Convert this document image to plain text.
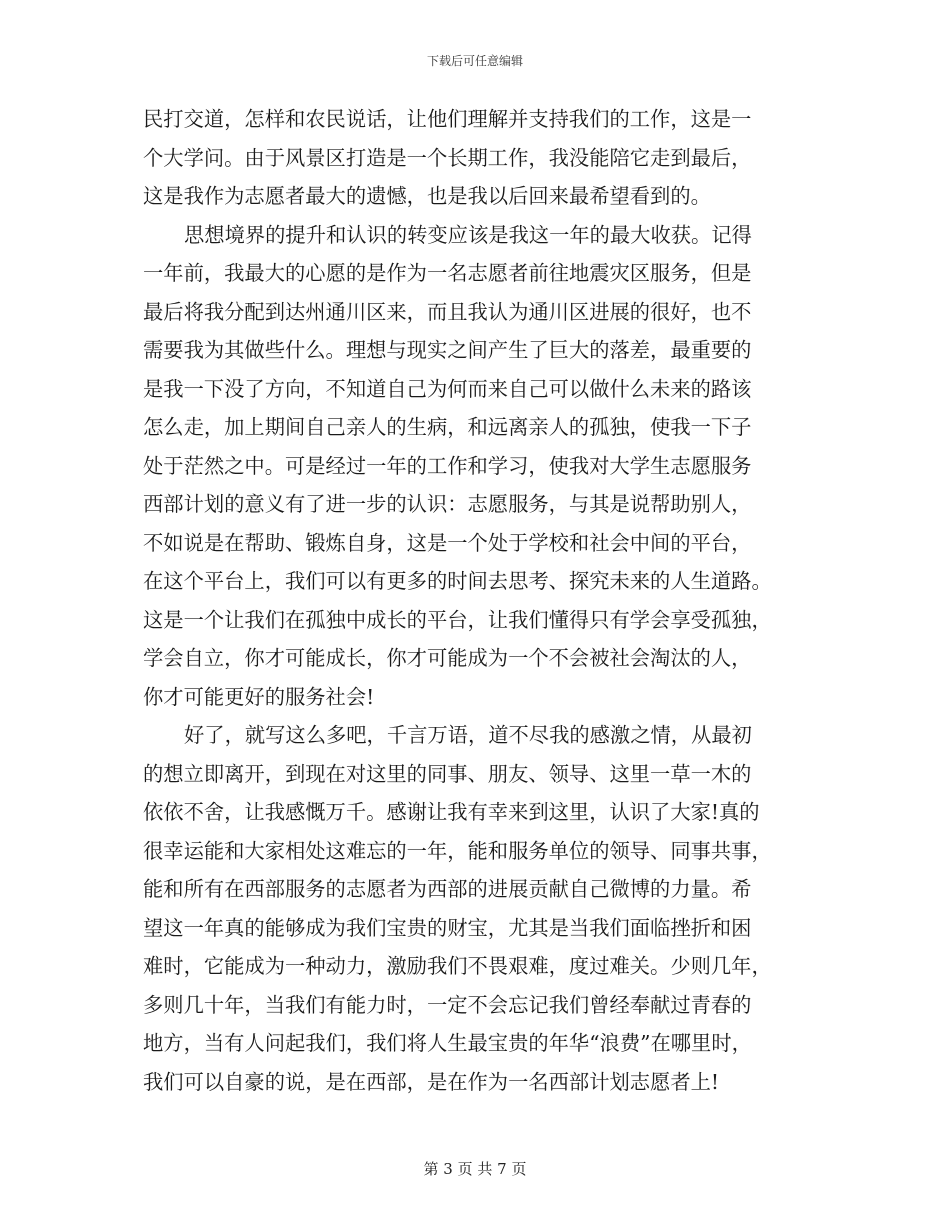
下载后可任意编辑
民打交道，怎样和农民说话，让他们理解并支持我们的工作，这是一
个大学问。由于风景区打造是一个长期工作，我没能陪它走到最后，
这是我作为志愿者最大的遗憾，也是我以后回来最希望看到的。
思想境界的提升和认识的转变应该是我这一年的最大收获。记得
一年前，我最大的心愿的是作为一名志愿者前往地震灾区服务，但是
最后将我分配到达州通川区来，而且我认为通川区进展的很好，也不
需要我为其做些什么。理想与现实之间产生了巨大的落差，最重要的
是我一下没了方向，不知道自己为何而来自己可以做什么未来的路该
怎么走，加上期间自己亲人的生病，和远离亲人的孤独，使我一下子
处于茫然之中。可是经过一年的工作和学习，使我对大学生志愿服务
西部计划的意义有了进一步的认识：志愿服务，与其是说帮助别人，
不如说是在帮助、锻炼自身，这是一个处于学校和社会中间的平台，
在这个平台上，我们可以有更多的时间去思考、探究未来的人生道路。
这是一个让我们在孤独中成长的平台，让我们懂得只有学会享受孤独，
学会自立，你才可能成长，你才可能成为一个不会被社会淘汰的人，
你才可能更好的服务社会!
好了，就写这么多吧，千言万语，道不尽我的感激之情，从最初
的想立即离开，到现在对这里的同事、朋友、领导、这里一草一木的
依依不舍，让我感慨万千。感谢让我有幸来到这里，认识了大家!真的
很幸运能和大家相处这难忘的一年，能和服务单位的领导、同事共事，
能和所有在西部服务的志愿者为西部的进展贡献自己微博的力量。希
望这一年真的能够成为我们宝贵的财宝，尤其是当我们面临挫折和困
难时，它能成为一种动力，激励我们不畏艰难，度过难关。少则几年，
多则几十年，当我们有能力时，一定不会忘记我们曾经奉献过青春的
地方，当有人问起我们，我们将人生最宝贵的年华“浪费”在哪里时，
我们可以自豪的说，是在西部，是在作为一名西部计划志愿者上!
第 3 页 共 7 页
